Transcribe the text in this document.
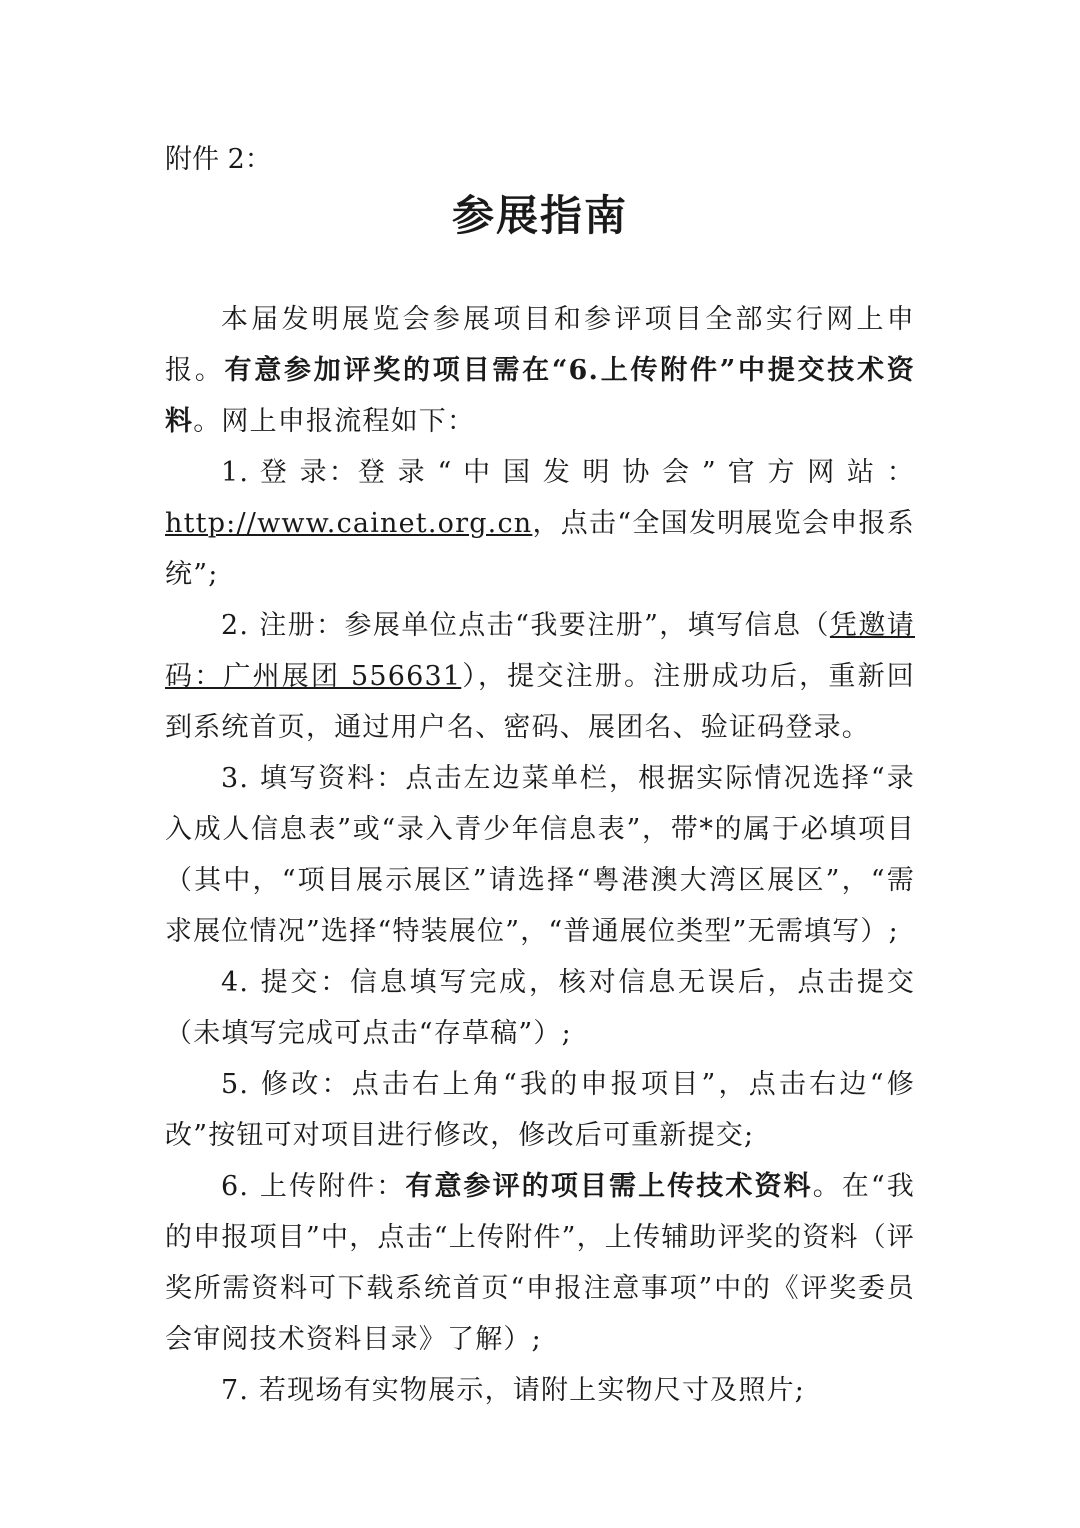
附件 2：

参展指南

本届发明展览会参展项目和参评项目全部实行网上申报。有意参加评奖的项目需在“6.上传附件”中提交技术资料。网上申报流程如下：

1. 登 录：登 录 “ 中 国 发 明 协 会 ” 官 方 网 站 ：http://www.cainet.org.cn，点击“全国发明展览会申报系统”;

2. 注册：参展单位点击“我要注册”，填写信息（凭邀请码：广州展团 556631），提交注册。注册成功后，重新回到系统首页，通过用户名、密码、展团名、验证码登录。

3. 填写资料：点击左边菜单栏，根据实际情况选择“录入成人信息表”或“录入青少年信息表”，带*的属于必填项目（其中，“项目展示展区”请选择“粤港澳大湾区展区”，“需求展位情况”选择“特装展位”，“普通展位类型”无需填写）;

4. 提交：信息填写完成，核对信息无误后，点击提交（未填写完成可点击“存草稿”）;

5. 修改：点击右上角“我的申报项目”，点击右边“修改”按钮可对项目进行修改，修改后可重新提交;

6. 上传附件：有意参评的项目需上传技术资料。在“我的申报项目”中，点击“上传附件”，上传辅助评奖的资料（评奖所需资料可下载系统首页“申报注意事项”中的《评奖委员会审阅技术资料目录》了解）;

7. 若现场有实物展示，请附上实物尺寸及照片;
